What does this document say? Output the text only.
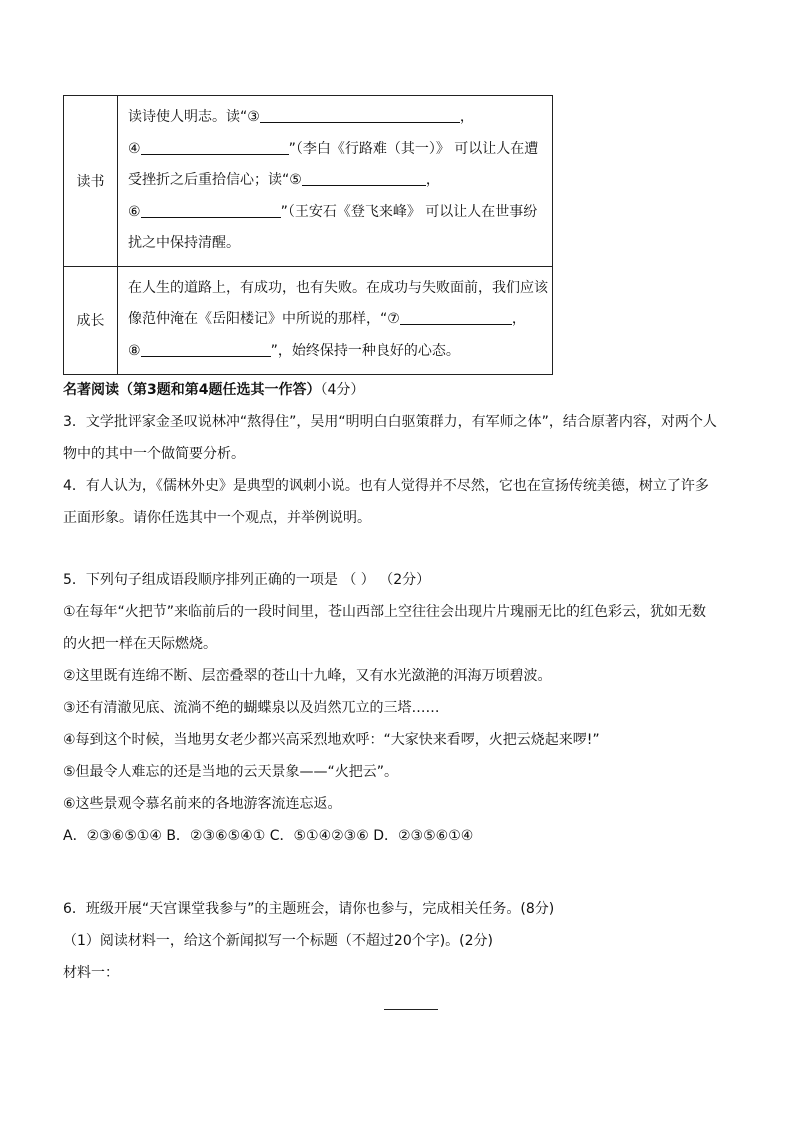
读书	读诗使人明志。读“③ ，
④ ”（李白《行路难（其一）》 可以让人在遭
受挫折之后重拾信心；读“⑤ ，
⑥ ”（王安石《登飞来峰》 可以让人在世事纷
扰之中保持清醒。

成长	在人生的道路上，有成功，也有失败。在成功与失败面前，我们应该
像范仲淹在《岳阳楼记》中所说的那样，“⑦ ，
⑧ ”，始终保持一种良好的心态。
名著阅读（第3题和第4题任选其一作答）（4分）
3．文学批评家金圣叹说林冲“熬得住”，吴用“明明白白驱策群力，有军师之体”，结合原著内容，对两个人
物中的其中一个做简要分析。
4．有人认为，《儒林外史》是典型的讽刺小说。也有人觉得并不尽然，它也在宣扬传统美德，树立了许多
正面形象。请你任选其中一个观点，并举例说明。
5．下列句子组成语段顺序排列正确的一项是 （ ） （2分）
①在每年“火把节”来临前后的一段时间里，苍山西部上空往往会出现片片瑰丽无比的红色彩云，犹如无数
的火把一样在天际燃烧。
②这里既有连绵不断、层峦叠翠的苍山十九峰，又有水光潋滟的洱海万顷碧波。
③还有清澈见底、流淌不绝的蝴蝶泉以及岿然兀立的三塔……
④每到这个时候，当地男女老少都兴高采烈地欢呼：“大家快来看啰，火把云烧起来啰!”
⑤但最令人难忘的还是当地的云天景象——“火把云”。
⑥这些景观令慕名前来的各地游客流连忘返。
A．②③⑥⑤①④ B．②③⑥⑤④① C．⑤①④②③⑥ D．②③⑤⑥①④
6．班级开展“天宫课堂我参与”的主题班会，请你也参与，完成相关任务。(8分)
（1）阅读材料一，给这个新闻拟写一个标题（不超过20个字)。(2分)
材料一：
